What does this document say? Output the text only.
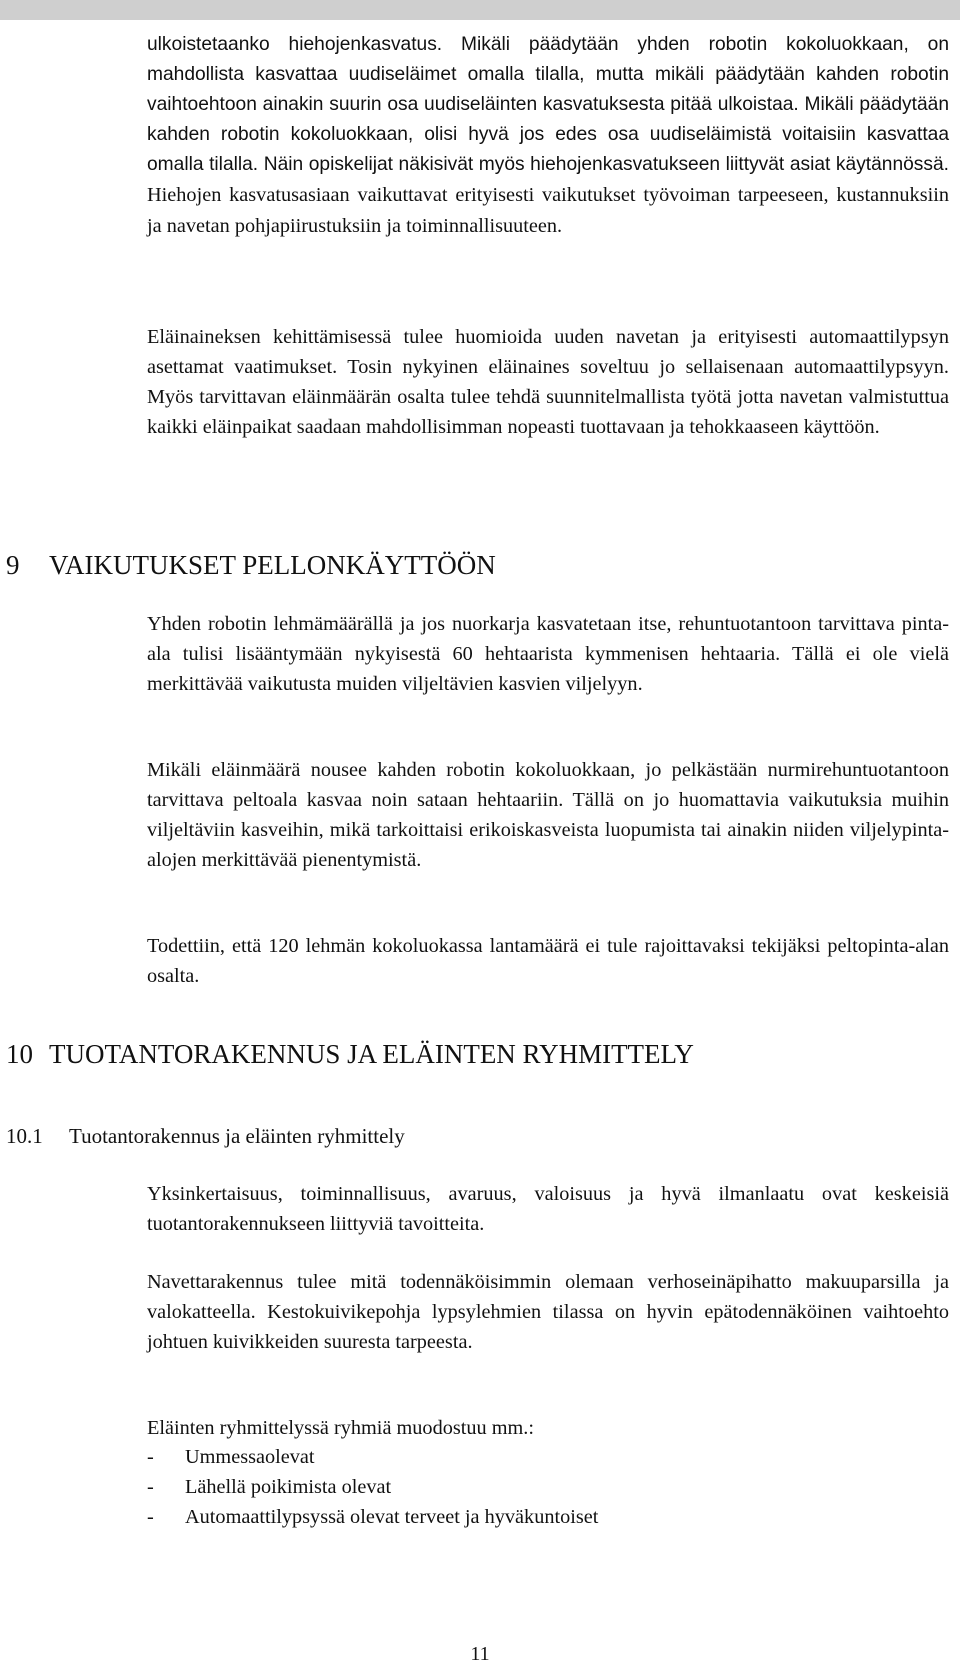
ulkoistetaanko hiehojenkasvatus. Mikäli päädytään yhden robotin kokoluokkaan, on mahdollista kasvattaa uudiseläimet omalla tilalla, mutta mikäli päädytään kahden robotin vaihtoehtoon ainakin suurin osa uudiseläinten kasvatuksesta pitää ulkoistaa. Mikäli päädytään kahden robotin kokoluokkaan, olisi hyvä jos edes osa uudiseläimistä voitaisiin kasvattaa omalla tilalla. Näin opiskelijat näkisivät myös hiehojenkasvatukseen liittyvät asiat käytännössä. Hiehojen kasvatusasiaan vaikuttavat erityisesti vaikutukset työvoiman tarpeeseen, kustannuksiin ja navetan pohjapiirustuksiin ja toiminnallisuuteen.

Eläinaineksen kehittämisessä tulee huomioida uuden navetan ja erityisesti automaattilypsyn asettamat vaatimukset. Tosin nykyinen eläinaines soveltuu jo sellaisenaan automaattilypsyyn. Myös tarvittavan eläinmäärän osalta tulee tehdä suunnitelmallista työtä jotta navetan valmistuttua kaikki eläinpaikat saadaan mahdollisimman nopeasti tuottavaan ja tehokkaaseen käyttöön.

9 VAIKUTUKSET PELLONKÄYTTÖÖN

Yhden robotin lehmämäärällä ja jos nuorkarja kasvatetaan itse, rehuntuotantoon tarvittava pinta-ala tulisi lisääntymään nykyisestä 60 hehtaarista kymmenisen hehtaaria. Tällä ei ole vielä merkittävää vaikutusta muiden viljeltävien kasvien viljelyyn.

Mikäli eläinmäärä nousee kahden robotin kokoluokkaan, jo pelkästään nurmirehuntuotantoon tarvittava peltoala kasvaa noin sataan hehtaariin. Tällä on jo huomattavia vaikutuksia muihin viljeltäviin kasveihin, mikä tarkoittaisi erikoiskasveista luopumista tai ainakin niiden viljelypinta-alojen merkittävää pienentymistä.

Todettiin, että 120 lehmän kokoluokassa lantamäärä ei tule rajoittavaksi tekijäksi peltopinta-alan osalta.

10 TUOTANTORAKENNUS JA ELÄINTEN RYHMITTELY
10.1 Tuotantorakennus ja eläinten ryhmittely

Yksinkertaisuus, toiminnallisuus, avaruus, valoisuus ja hyvä ilmanlaatu ovat keskeisiä tuotantorakennukseen liittyviä tavoitteita.

Navettarakennus tulee mitä todennäköisimmin olemaan verhoseinäpihatto makuuparsilla ja valokatteella. Kestokuivikepohja lypsylehmien tilassa on hyvin epätodennäköinen vaihtoehto johtuen kuivikkeiden suuresta tarpeesta.

Eläinten ryhmittelyssä ryhmiä muodostuu mm.:

- Ummessaolevat
- Lähellä poikimista olevat
- Automaattilypsyssä olevat terveet ja hyväkuntoiset
11
